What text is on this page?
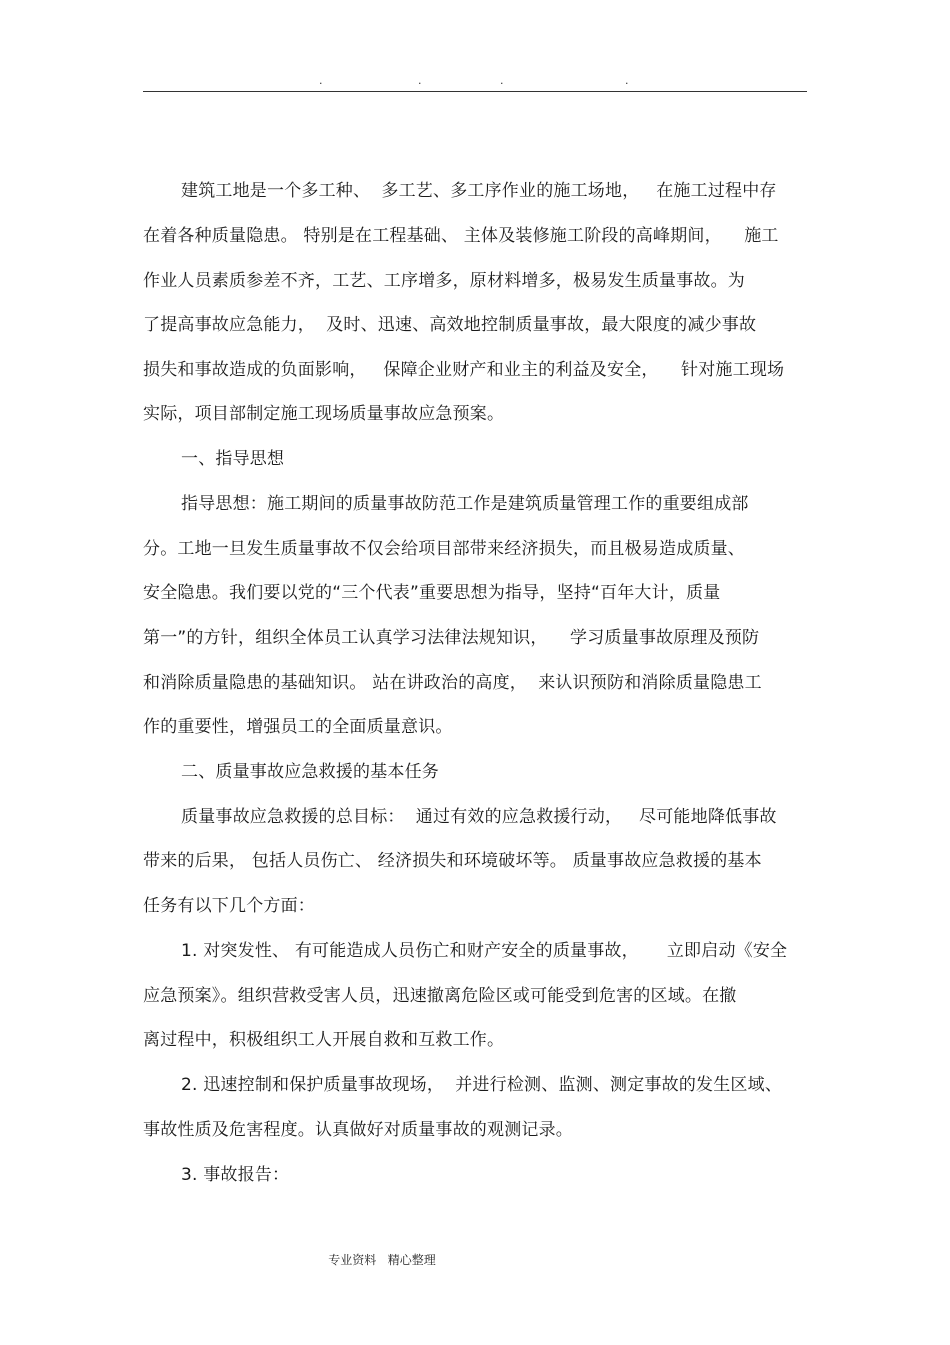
.	.	.	.
建筑工地是一个多工种、  多工艺、多工序作业的施工场地，   在施工过程中存
在着各种质量隐患。 特别是在工程基础、 主体及装修施工阶段的高峰期间，    施工
作业人员素质参差不齐，工艺、工序增多，原材料增多，极易发生质量事故。为
了提高事故应急能力，  及时、迅速、高效地控制质量事故，最大限度的减少事故
损失和事故造成的负面影响，   保障企业财产和业主的利益及安全，    针对施工现场
实际，项目部制定施工现场质量事故应急预案。
一、指导思想
指导思想：施工期间的质量事故防范工作是建筑质量管理工作的重要组成部
分。工地一旦发生质量事故不仅会给项目部带来经济损失，而且极易造成质量、
安全隐患。我们要以党的“三个代表”重要思想为指导，坚持“百年大计，质量
第一”的方针，组织全体员工认真学习法律法规知识，    学习质量事故原理及预防
和消除质量隐患的基础知识。 站在讲政治的高度，  来认识预防和消除质量隐患工
作的重要性，增强员工的全面质量意识。
二、质量事故应急救援的基本任务
质量事故应急救援的总目标：  通过有效的应急救援行动，   尽可能地降低事故
带来的后果， 包括人员伤亡、 经济损失和环境破坏等。 质量事故应急救援的基本
任务有以下几个方面：
1. 对突发性、 有可能造成人员伤亡和财产安全的质量事故，     立即启动《安全
应急预案》。组织营救受害人员，迅速撤离危险区或可能受到危害的区域。在撤
离过程中，积极组织工人开展自救和互救工作。
2. 迅速控制和保护质量事故现场，  并进行检测、监测、测定事故的发生区域、
事故性质及危害程度。认真做好对质量事故的观测记录。
3. 事故报告：
专业资料   精心整理
